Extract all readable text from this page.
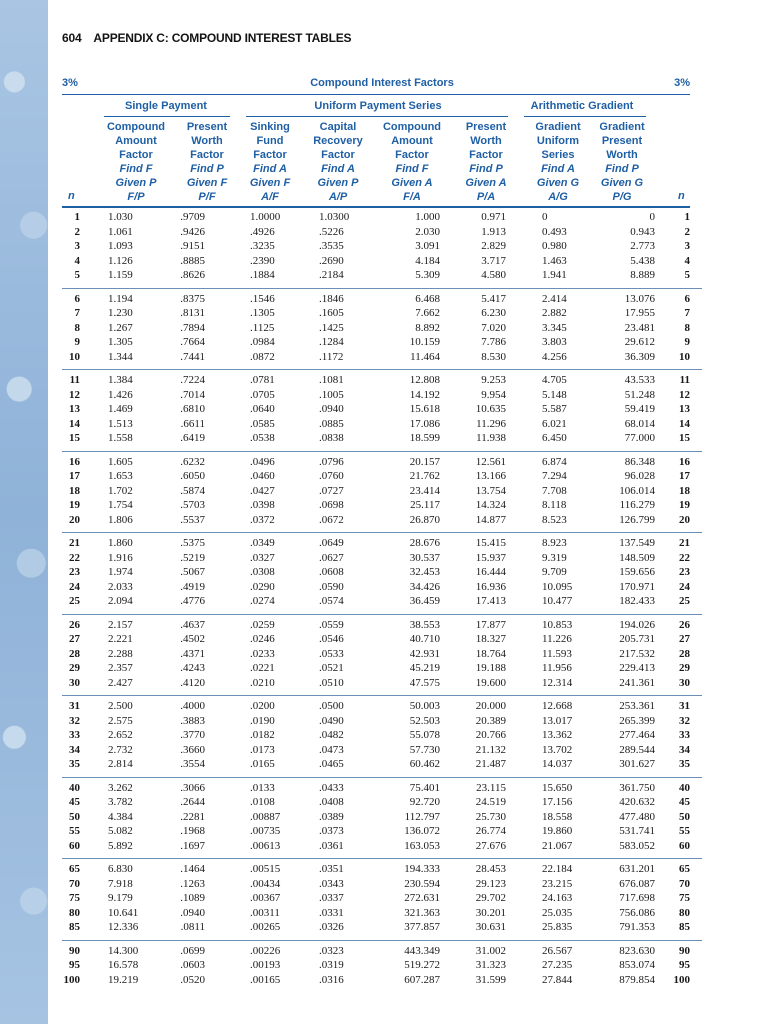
604 APPENDIX C: COMPOUND INTEREST TABLES
3%	Compound Interest Factors	3%
Single Payment	Uniform Payment Series	Arithmetic Gradient
Compound
Amount
Factor
Find F
Given P
F/P
Present
Worth
Factor
Find P
Given F
P/F
Sinking
Fund
Factor
Find A
Given F
A/F
Capital
Recovery
Factor
Find A
Given P
A/P
Compound
Amount
Factor
Find F
Given A
F/A
Present
Worth
Factor
Find P
Given A
P/A
Gradient
Uniform
Series
Find A
Given G
A/G
Gradient
Present
Worth
Find P
Given G
P/G
n	n
1	1.030	.9709	1.0000	1.0300	1.000	0.971	0	0	1
2	1.061	.9426	.4926	.5226	2.030	1.913	0.493	0.943	2
3	1.093	.9151	.3235	.3535	3.091	2.829	0.980	2.773	3
4	1.126	.8885	.2390	.2690	4.184	3.717	1.463	5.438	4
5	1.159	.8626	.1884	.2184	5.309	4.580	1.941	8.889	5
6	1.194	.8375	.1546	.1846	6.468	5.417	2.414	13.076	6
7	1.230	.8131	.1305	.1605	7.662	6.230	2.882	17.955	7
8	1.267	.7894	.1125	.1425	8.892	7.020	3.345	23.481	8
9	1.305	.7664	.0984	.1284	10.159	7.786	3.803	29.612	9
10	1.344	.7441	.0872	.1172	11.464	8.530	4.256	36.309	10
11	1.384	.7224	.0781	.1081	12.808	9.253	4.705	43.533	11
12	1.426	.7014	.0705	.1005	14.192	9.954	5.148	51.248	12
13	1.469	.6810	.0640	.0940	15.618	10.635	5.587	59.419	13
14	1.513	.6611	.0585	.0885	17.086	11.296	6.021	68.014	14
15	1.558	.6419	.0538	.0838	18.599	11.938	6.450	77.000	15
16	1.605	.6232	.0496	.0796	20.157	12.561	6.874	86.348	16
17	1.653	.6050	.0460	.0760	21.762	13.166	7.294	96.028	17
18	1.702	.5874	.0427	.0727	23.414	13.754	7.708	106.014	18
19	1.754	.5703	.0398	.0698	25.117	14.324	8.118	116.279	19
20	1.806	.5537	.0372	.0672	26.870	14.877	8.523	126.799	20
21	1.860	.5375	.0349	.0649	28.676	15.415	8.923	137.549	21
22	1.916	.5219	.0327	.0627	30.537	15.937	9.319	148.509	22
23	1.974	.5067	.0308	.0608	32.453	16.444	9.709	159.656	23
24	2.033	.4919	.0290	.0590	34.426	16.936	10.095	170.971	24
25	2.094	.4776	.0274	.0574	36.459	17.413	10.477	182.433	25
26	2.157	.4637	.0259	.0559	38.553	17.877	10.853	194.026	26
27	2.221	.4502	.0246	.0546	40.710	18.327	11.226	205.731	27
28	2.288	.4371	.0233	.0533	42.931	18.764	11.593	217.532	28
29	2.357	.4243	.0221	.0521	45.219	19.188	11.956	229.413	29
30	2.427	.4120	.0210	.0510	47.575	19.600	12.314	241.361	30
31	2.500	.4000	.0200	.0500	50.003	20.000	12.668	253.361	31
32	2.575	.3883	.0190	.0490	52.503	20.389	13.017	265.399	32
33	2.652	.3770	.0182	.0482	55.078	20.766	13.362	277.464	33
34	2.732	.3660	.0173	.0473	57.730	21.132	13.702	289.544	34
35	2.814	.3554	.0165	.0465	60.462	21.487	14.037	301.627	35
40	3.262	.3066	.0133	.0433	75.401	23.115	15.650	361.750	40
45	3.782	.2644	.0108	.0408	92.720	24.519	17.156	420.632	45
50	4.384	.2281	.00887	.0389	112.797	25.730	18.558	477.480	50
55	5.082	.1968	.00735	.0373	136.072	26.774	19.860	531.741	55
60	5.892	.1697	.00613	.0361	163.053	27.676	21.067	583.052	60
65	6.830	.1464	.00515	.0351	194.333	28.453	22.184	631.201	65
70	7.918	.1263	.00434	.0343	230.594	29.123	23.215	676.087	70
75	9.179	.1089	.00367	.0337	272.631	29.702	24.163	717.698	75
80	10.641	.0940	.00311	.0331	321.363	30.201	25.035	756.086	80
85	12.336	.0811	.00265	.0326	377.857	30.631	25.835	791.353	85
90	14.300	.0699	.00226	.0323	443.349	31.002	26.567	823.630	90
95	16.578	.0603	.00193	.0319	519.272	31.323	27.235	853.074	95
100	19.219	.0520	.00165	.0316	607.287	31.599	27.844	879.854	100
